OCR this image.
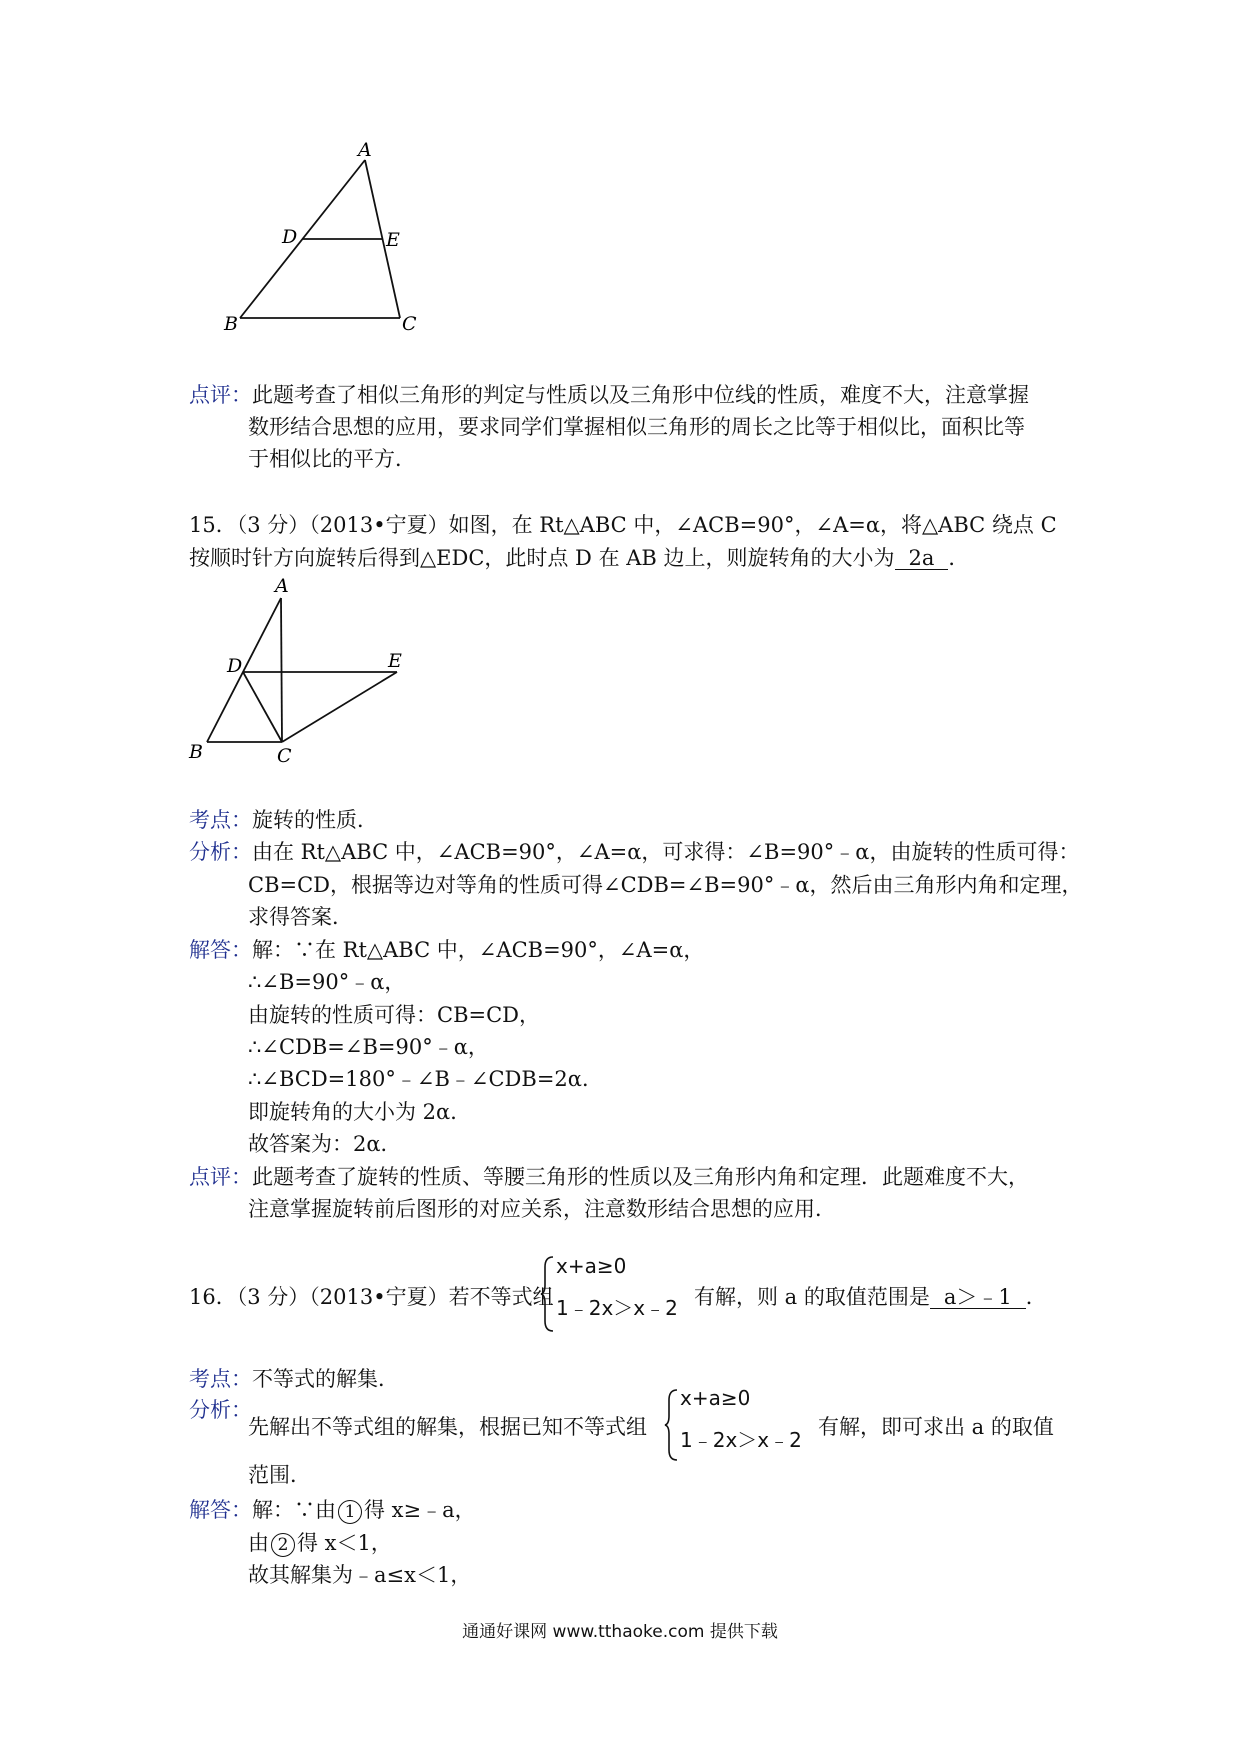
A
D	E
B	C
点评：此题考查了相似三角形的判定与性质以及三角形中位线的性质，难度不大，注意掌握
数形结合思想的应用，要求同学们掌握相似三角形的周长之比等于相似比，面积比等
于相似比的平方．
15．（3 分）（2013•宁夏）如图，在 Rt△ABC 中，∠ACB=90°，∠A=α，将△ABC 绕点 C
按顺时针方向旋转后得到△EDC，此时点 D 在 AB 边上，则旋转角的大小为 2a ．
A
D	E
B	C
考点：旋转的性质．
分析：由在 Rt△ABC 中，∠ACB=90°，∠A=α，可求得：∠B=90°﹣α，由旋转的性质可得：
CB=CD，根据等边对等角的性质可得∠CDB=∠B=90°﹣α，然后由三角形内角和定理，
求得答案．
解答：解：∵在 Rt△ABC 中，∠ACB=90°，∠A=α，
∴∠B=90°﹣α，
由旋转的性质可得：CB=CD，
∴∠CDB=∠B=90°﹣α，
∴∠BCD=180°﹣∠B﹣∠CDB=2α．
即旋转角的大小为 2α．
故答案为：2α．
点评：此题考查了旋转的性质、等腰三角形的性质以及三角形内角和定理．此题难度不大，
注意掌握旋转前后图形的对应关系，注意数形结合思想的应用．
16．（3 分）（2013•宁夏）若不等式组
x+a≥0
1﹣2x＞x﹣2 有解，则 a 的取值范围是 a＞﹣1 ．
考点：不等式的解集．
分析：
先解出不等式组的解集，根据已知不等式组
x+a≥0
1﹣2x＞x﹣2
有解，即可求出 a 的取值
范围．
解答：解：∵由 1 得 x≥﹣a，
由 2 得 x＜1，
故其解集为﹣a≤x＜1，
通通好课网 www.tthaoke.com 提供下载
